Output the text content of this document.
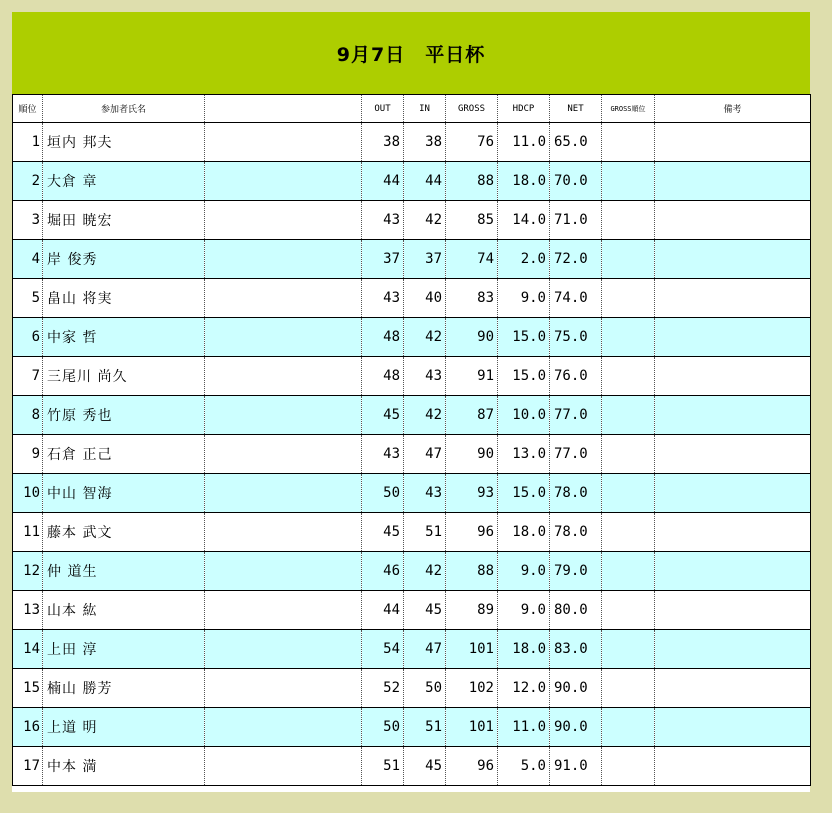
9月7日　平日杯
順位	参加者氏名		OUT	IN	GROSS	HDCP	NET	GROSS順位	備考
1	垣内 邦夫		38	38	76	11.0	65.0		
2	大倉 章		44	44	88	18.0	70.0		
3	堀田 暁宏		43	42	85	14.0	71.0		
4	岸 俊秀		37	37	74	2.0	72.0		
5	畠山 将実		43	40	83	9.0	74.0		
6	中家 哲		48	42	90	15.0	75.0		
7	三尾川 尚久		48	43	91	15.0	76.0		
8	竹原 秀也		45	42	87	10.0	77.0		
9	石倉 正己		43	47	90	13.0	77.0		
10	中山 智海		50	43	93	15.0	78.0		
11	藤本 武文		45	51	96	18.0	78.0		
12	仲 道生		46	42	88	9.0	79.0		
13	山本 紘		44	45	89	9.0	80.0		
14	上田 淳		54	47	101	18.0	83.0		
15	楠山 勝芳		52	50	102	12.0	90.0		
16	上道 明		50	51	101	11.0	90.0		
17	中本 満		51	45	96	5.0	91.0		
